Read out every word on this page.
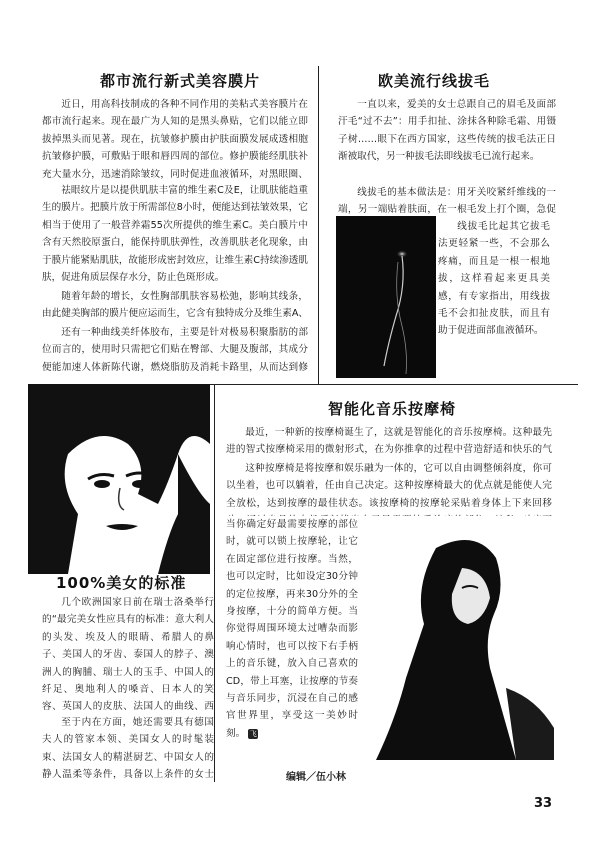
都市流行新式美容膜片

近日，用高科技制成的各种不同作用的美粘式美容膜片在都市流行起来。现在最广为人知的是黑头鼻贴，它们以能立即拔掉黑头而见著。现在，抗皱修护膜由护肤面膜发展成透相胞抗皱修护膜，可敷贴于眼和唇四周的部位。修护膜能经肌肤补充大量水分，迅速消除皱纹，同时促进血液循环，对黑眼圈、

祛眼纹片是以提供肌肤丰富的维生素C及E，让肌肤能趋重生的膜片。把膜片放于所需部位8小时，便能达到祛皱效果，它相当于使用了一般营养霜55次所提供的维生素C。美白膜片中含有天然胶原蛋白，能保持肌肤弹性，改善肌肤老化现象，由于膜片能紧贴肌肤，故能形成密封效应，让维生素C持续渗透肌肤，促进角质层保存水分，防止色斑形成。

随着年龄的增长，女性胸部肌肤容易松弛，影响其线条，由此健美胸部的膜片便应运而生，它含有独特成分及维生素A、

还有一种曲线美纤体胶布，主要是针对极易积聚脂肪的部位而言的，使用时只需把它们贴在臀部、大腿及腹部，其成分便能加速人体新陈代谢，燃烧脂肪及消耗卡路里，从而达到修

欧美流行线拔毛

一直以来，爱美的女士总跟自己的眉毛及面部汗毛“过不去”：用手扣扯、涂抹各种除毛霜、用镊子树……眼下在西方国家，这些传统的拔毛法正日渐被取代，另一种拔毛法即线拔毛已流行起来。

线拔毛的基本做法是：用牙关咬紧纤维线的一端，另一端贴着肤面，在一根毛发上打个圈，急促

线拔毛比起其它拔毛法更轻紧一些，不会那么疼痛，而且是一根一根地拔，这样看起来更具美感，有专家指出，用线拔毛不会扣扯皮肤，而且有助于促进面部血液循环。

100%美女的标准

几个欧洲国家日前在瑞士洛桑举行的“最完美女性应具有的标准：意大利人的头发、埃及人的眼睛、希腊人的鼻子、美国人的牙齿、泰国人的脖子、澳洲人的胸脯、瑞士人的玉手、中国人的纤足、奥地利人的嗓音、日本人的笑容、英国人的皮肤、法国人的曲线、西

至于内在方面，她还需要具有德国夫人的管家本领、美国女人的时髦装束、法国女人的精湛厨艺、中国女人的静人温柔等条件，具备以上条件的女士

智能化音乐按摩椅

最近，一种新的按摩椅诞生了，这就是智能化的音乐按摩椅。这种最先进的智式按摩椅采用的微射形式，在为你推拿的过程中营造舒适和快乐的气

这种按摩椅是将按摩和娱乐融为一体的，它可以自由调整倾斜度，你可以坐着，也可以躺着，任由自己决定。这种按摩椅最大的优点就是能使人完全放松，达到按摩的最佳状态。该按摩椅的按摩轮采贴着身体上下来回移

当你确定好最需要按摩的部位时，就可以锁上按摩轮，让它在固定部位进行按摩。当然，也可以定时，比如设定30分钟的定位按摩，再来30分外的全身按摩，十分的简单方便。当你觉得周围环境太过嘈杂而影响心情时，也可以按下右手柄上的音乐键，放入自己喜欢的CD，带上耳塞，让按摩的节奏与音乐同步，沉浸在自己的感官世界里，享受这一美妙时刻。 飞

编辑／伍小林
33
